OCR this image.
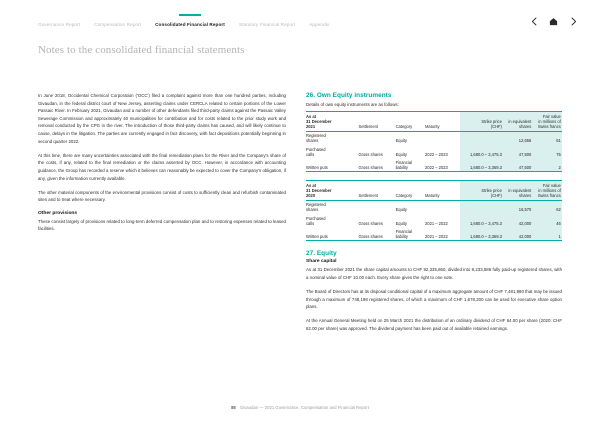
Governance Report	Compensation Report	Consolidated Financial Report	Statutory Financial Report	Appendix
Notes to the consolidated financial statements

In June 2018, Occidental Chemical Corporation ('OCC') filed a complaint against more than one hundred parties, including Givaudan, in the federal district court of New Jersey, asserting claims under CERCLA related to certain portions of the Lower Passaic River. In February 2021, Givaudan and a number of other defendants filed third-party claims against the Passaic Valley Sewerage Commission and approximately 40 municipalities for contribution and for costs related to the prior study work and removal conducted by the CPG in the river. The introduction of those third-party claims has caused, and will likely continue to cause, delays in the litigation. The parties are currently engaged in fact discovery, with fact depositions potentially beginning in second quarter 2022.

At this time, there are many uncertainties associated with the final remediation plans for the River and the Company's share of the costs, if any, related to the final remediation or the claims asserted by OCC. However, in accordance with accounting guidance, the Group has recorded a reserve which it believes can reasonably be expected to cover the Company's obligation, if any, given the information currently available.

The other material components of the environmental provisions consist of costs to sufficiently clean and refurbish contaminated sites and to treat where necessary.

Other provisions

These consist largely of provisions related to long-term deferred compensation plan and to restoring expenses related to leased facilities.

26. Own Equity instruments
Details of own equity instruments are as follows:
As at
31 December
2021	Settlement	Category	Maturity	Strike price
(CHF)	in equivalent
shares	Fair value
in millions of
Swiss francs
Registered
shares		Equity			12,656	61
Purchased
calls	Gross shares	Equity	2022 – 2023	1,680.0 – 3,475.3	47,500	75
Written puts	Gross shares	Financial
liability	2022 – 2023	1,680.0 – 3,369.3	47,500	2
As at
31 December
2020	Settlement	Category	Maturity	Strike price
(CHF)	in equivalent
shares	Fair value
in millions of
Swiss francs
Registered
shares		Equity			16,570	62
Purchased
calls	Gross shares	Equity	2021 – 2022	1,680.0 – 3,475.3	42,000	46
Written puts	Gross shares	Financial
liability	2021 – 2022	1,680.0 – 3,369.3	42,000	1
27. Equity
Share capital

As at 31 December 2021 the share capital amounts to CHF 92,335,860, divided into 9,233,586 fully paid-up registered shares, with a nominal value of CHF 10.00 each. Every share gives the right to one vote.

The Board of Directors has at its disposal conditional capital of a maximum aggregate amount of CHF 7,481,980 that may be issued through a maximum of 748,198 registered shares, of which a maximum of CHF 1,678,200 can be used for executive share option plans.

At the Annual General Meeting held on 25 March 2021 the distribution of an ordinary dividend of CHF 64.00 per share (2020: CHF 62.00 per share) was approved. The dividend payment has been paid out of available retained earnings.

88 Givaudan — 2021 Governance, Compensation and Financial Report
